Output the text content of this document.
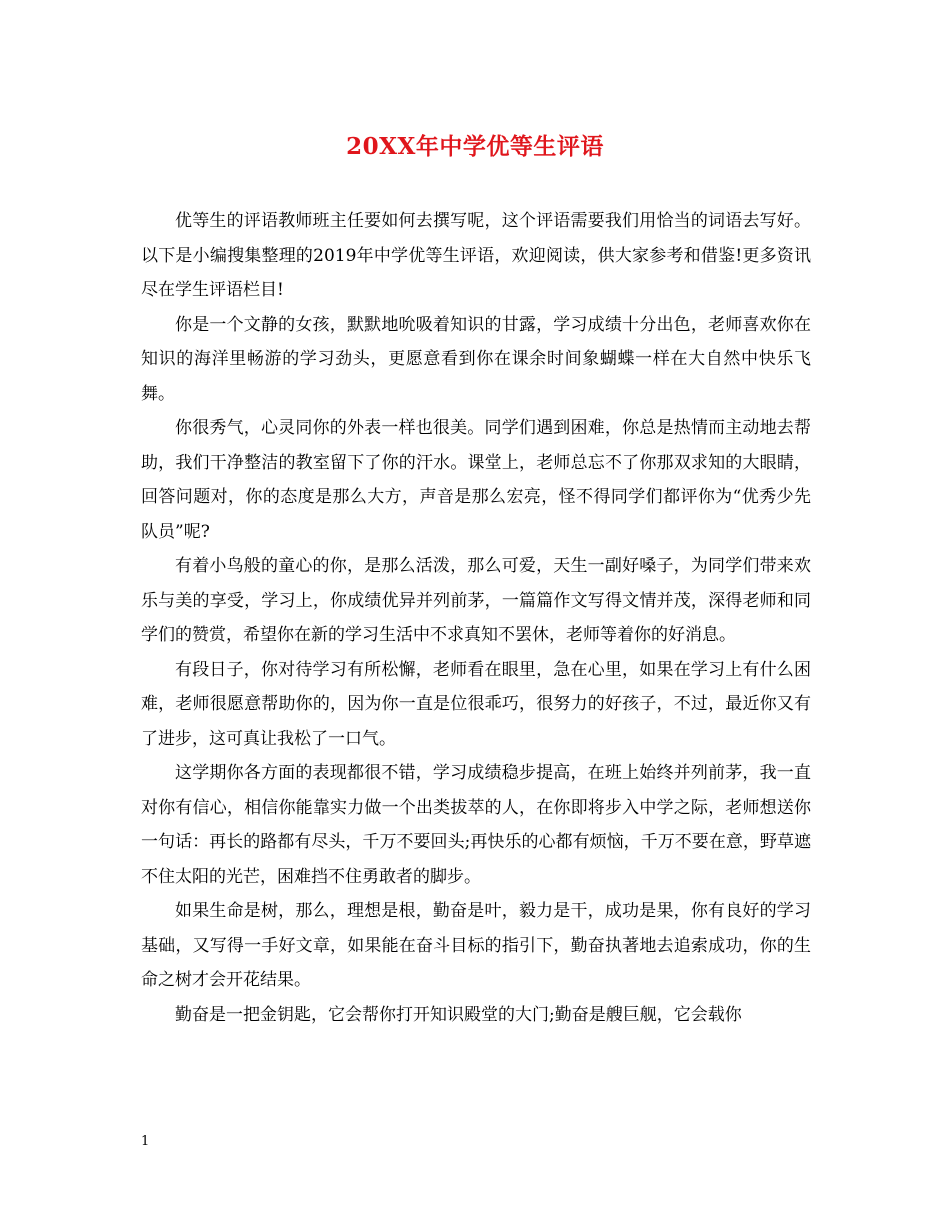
20XX年中学优等生评语

优等生的评语教师班主任要如何去撰写呢，这个评语需要我们用恰当的词语去写好。以下是小编搜集整理的2019年中学优等生评语，欢迎阅读，供大家参考和借鉴!更多资讯尽在学生评语栏目!

你是一个文静的女孩，默默地吮吸着知识的甘露，学习成绩十分出色，老师喜欢你在知识的海洋里畅游的学习劲头，更愿意看到你在课余时间象蝴蝶一样在大自然中快乐飞舞。

你很秀气，心灵同你的外表一样也很美。同学们遇到困难，你总是热情而主动地去帮助，我们干净整洁的教室留下了你的汗水。课堂上，老师总忘不了你那双求知的大眼睛，回答问题对，你的态度是那么大方，声音是那么宏亮，怪不得同学们都评你为“优秀少先队员”呢?

有着小鸟般的童心的你，是那么活泼，那么可爱，天生一副好嗓子，为同学们带来欢乐与美的享受，学习上，你成绩优异并列前茅，一篇篇作文写得文情并茂，深得老师和同学们的赞赏，希望你在新的学习生活中不求真知不罢休，老师等着你的好消息。

有段日子，你对待学习有所松懈，老师看在眼里，急在心里，如果在学习上有什么困难，老师很愿意帮助你的，因为你一直是位很乖巧，很努力的好孩子，不过，最近你又有了进步，这可真让我松了一口气。

这学期你各方面的表现都很不错，学习成绩稳步提高，在班上始终并列前茅，我一直对你有信心，相信你能靠实力做一个出类拔萃的人，在你即将步入中学之际，老师想送你一句话：再长的路都有尽头，千万不要回头;再快乐的心都有烦恼，千万不要在意，野草遮不住太阳的光芒，困难挡不住勇敢者的脚步。

如果生命是树，那么，理想是根，勤奋是叶，毅力是干，成功是果，你有良好的学习基础，又写得一手好文章，如果能在奋斗目标的指引下，勤奋执著地去追索成功，你的生命之树才会开花结果。

勤奋是一把金钥匙，它会帮你打开知识殿堂的大门;勤奋是艘巨舰，它会载你

1
